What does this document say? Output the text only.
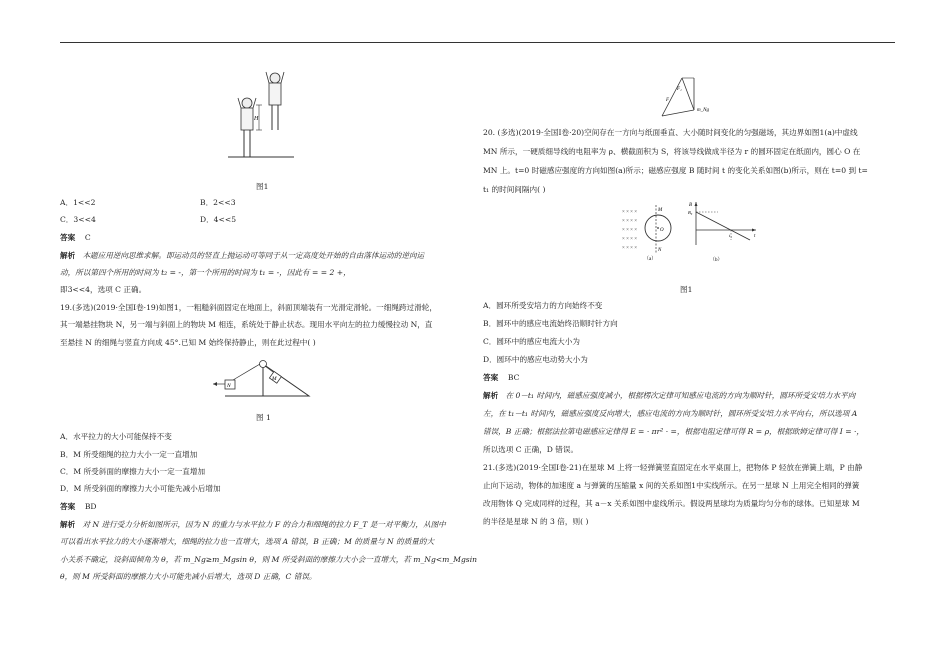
H
图1
A．1<<2	B．2<<3
C．3<<4	D．4<<5
答案 C
解析 本题应用逆向思维求解。即运动员的竖直上抛运动可等同于从一定高度处开始的自由落体运动的逆向运
动，所以第四个所用的时间为 t₂ = -，第一个所用的时间为 t₁ = -，因此有 = = 2 +，
即3<<4，选项 C 正确。
19.(多选)(2019·全国Ⅰ卷·19)如图1，一粗糙斜面固定在地面上，斜面顶端装有一光滑定滑轮。一细绳跨过滑轮，
其一端悬挂物块 N，另一端与斜面上的物块 M 相连，系统处于静止状态。现用水平向左的拉力缓慢拉动 N，直
至悬挂 N 的细绳与竖直方向成 45°.已知 M 始终保持静止，则在此过程中( )
M
N
图 1
A．水平拉力的大小可能保持不变
B．M 所受细绳的拉力大小一定一直增加
C．M 所受斜面的摩擦力大小一定一直增加
D．M 所受斜面的摩擦力大小可能先减小后增加
答案 BD
解析 对 N 进行受力分析如图所示，因为 N 的重力与水平拉力 F 的合力和细绳的拉力 F_T 是一对平衡力，从图中
可以看出水平拉力的大小逐渐增大，细绳的拉力也一直增大，选项 A 错误，B 正确；M 的质量与 N 的质量的大
小关系不确定，设斜面倾角为 θ，若 m_Ng≥m_Mgsin θ，则 M 所受斜面的摩擦力大小会一直增大，若 m_Ng<m_Mgsin
θ，则 M 所受斜面的摩擦力大小可能先减小后增大，选项 D 正确，C 错误。
F
F₁
m_Ng
20. (多选)(2019·全国Ⅰ卷·20)空间存在一方向与纸面垂直、大小随时间变化的匀强磁场，其边界如图1(a)中虚线
MN 所示，一硬质细导线的电阻率为 ρ、横截面积为 S，将该导线做成半径为 r 的圆环固定在纸面内，圆心 O 在
MN 上。t=0 时磁感应强度的方向如图(a)所示；磁感应强度 B 随时间 t 的变化关系如图(b)所示，则在 t=0 到 t=
t₁ 的时间间隔内( )
× × × ×
× × × ×
× × × ×
× × × ×
× × × ×
M
N
O
（a）
B
B₀
t₁	t
（b）
图1
A．圆环所受安培力的方向始终不变
B．圆环中的感应电流始终沿顺时针方向
C．圆环中的感应电流大小为
D．圆环中的感应电动势大小为
答案 BC
解析 在 0－t₁ 时间内，磁感应强度减小，根据楞次定律可知感应电流的方向为顺时针，圆环所受安培力水平向
左，在 t₁－t₁ 时间内，磁感应强度反向增大，感应电流的方向为顺时针，圆环所受安培力水平向右，所以选项 A
错误，B 正确；根据法拉第电磁感应定律得 E = · πr² · =，根据电阻定律可得 R = ρ，根据欧姆定律可得 I = ·，
所以选项 C 正确，D 错误。
21.(多选)(2019·全国Ⅰ卷·21)在星球 M 上将一轻弹簧竖直固定在水平桌面上，把物体 P 轻放在弹簧上端，P 由静
止向下运动，物体的加速度 a 与弹簧的压缩量 x 间的关系如图1中实线所示。在另一星球 N 上用完全相同的弹簧
改用物体 Q 完成同样的过程，其 a－x 关系如图中虚线所示。假设两星球均为质量均匀分布的球体。已知星球 M
的半径是星球 N 的 3 倍，则( )
